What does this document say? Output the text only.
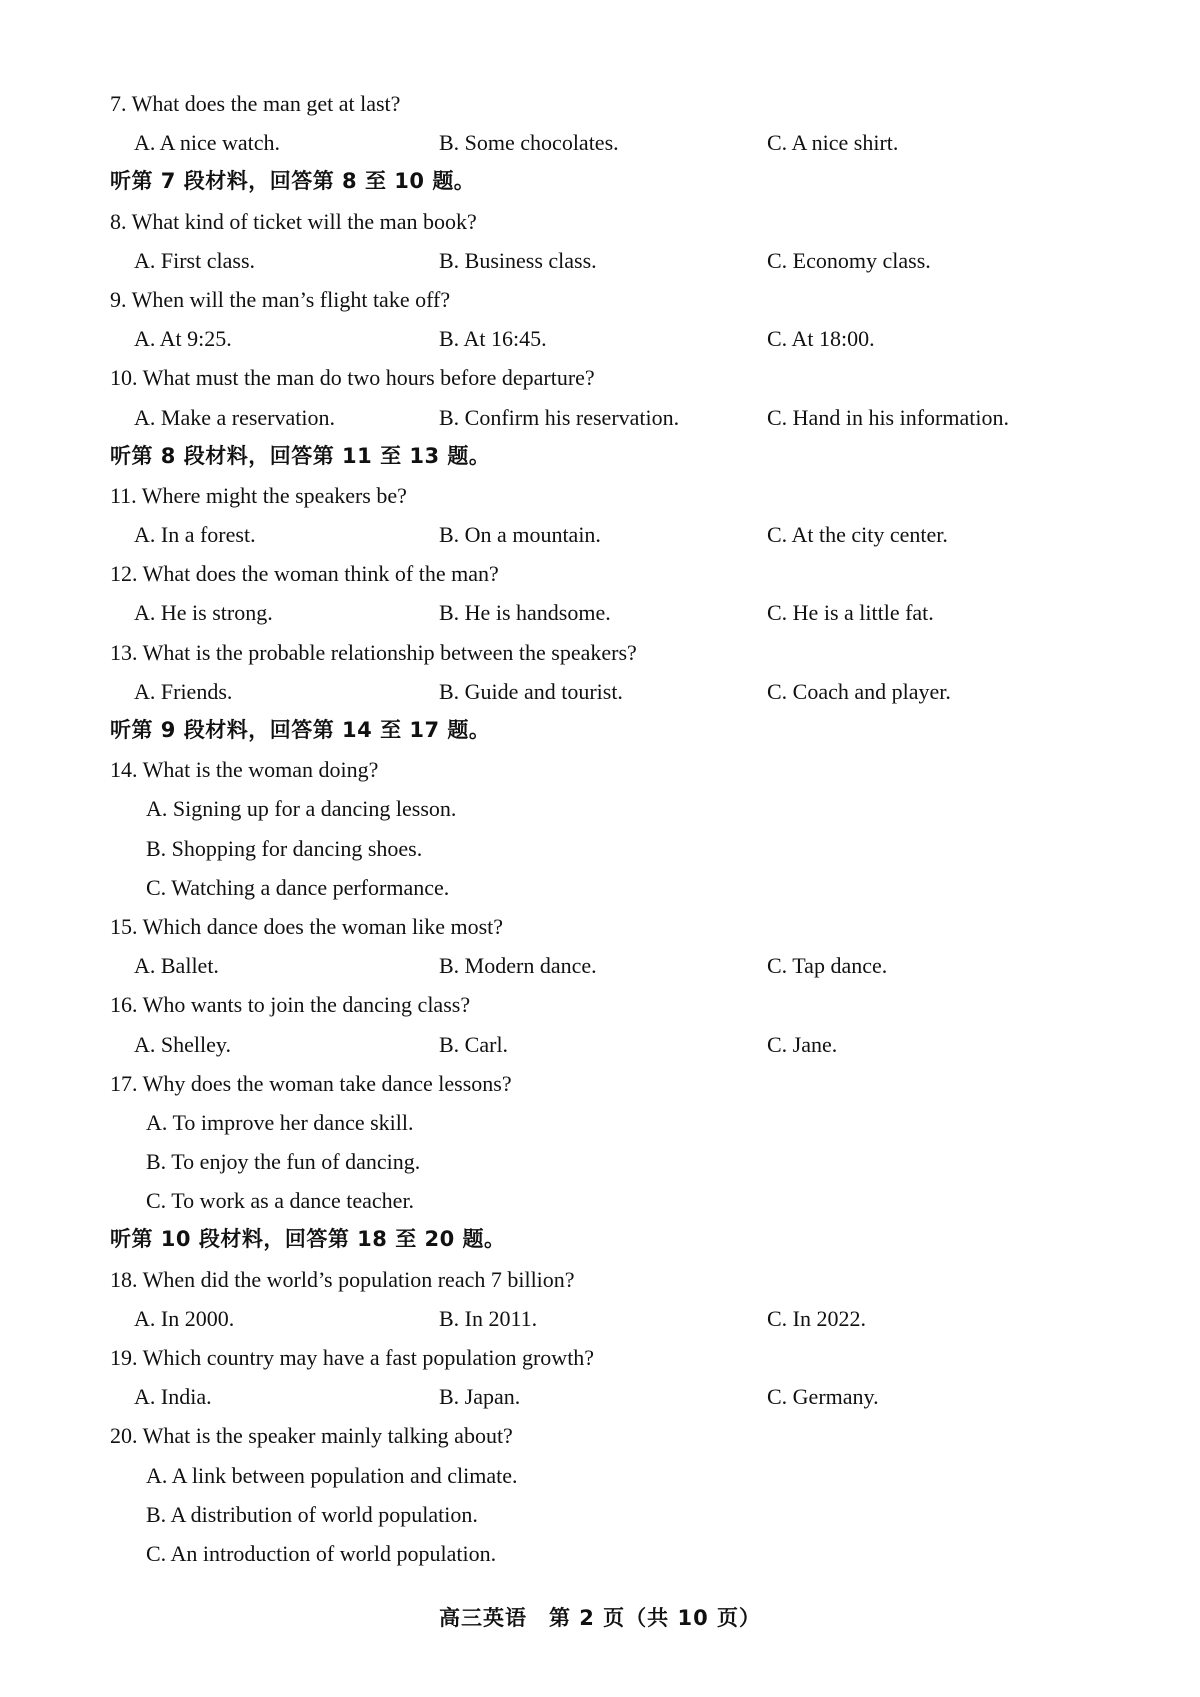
7. What does the man get at last?
A. A nice watch.	B. Some chocolates.	C. A nice shirt.
听第 7 段材料，回答第 8 至 10 题。
8. What kind of ticket will the man book?
A. First class.	B. Business class.	C. Economy class.
9. When will the man’s flight take off?
A. At 9:25.	B. At 16:45.	C. At 18:00.
10. What must the man do two hours before departure?
A. Make a reservation.	B. Confirm his reservation.	C. Hand in his information.
听第 8 段材料，回答第 11 至 13 题。
11. Where might the speakers be?
A. In a forest.	B. On a mountain.	C. At the city center.
12. What does the woman think of the man?
A. He is strong.	B. He is handsome.	C. He is a little fat.
13. What is the probable relationship between the speakers?
A. Friends.	B. Guide and tourist.	C. Coach and player.
听第 9 段材料，回答第 14 至 17 题。
14. What is the woman doing?
A. Signing up for a dancing lesson.
B. Shopping for dancing shoes.
C. Watching a dance performance.
15. Which dance does the woman like most?
A. Ballet.	B. Modern dance.	C. Tap dance.
16. Who wants to join the dancing class?
A. Shelley.	B. Carl.	C. Jane.
17. Why does the woman take dance lessons?
A. To improve her dance skill.
B. To enjoy the fun of dancing.
C. To work as a dance teacher.
听第 10 段材料，回答第 18 至 20 题。
18. When did the world’s population reach 7 billion?
A. In 2000.	B. In 2011.	C. In 2022.
19. Which country may have a fast population growth?
A. India.	B. Japan.	C. Germany.
20. What is the speaker mainly talking about?
A. A link between population and climate.
B. A distribution of world population.
C. An introduction of world population.
高三英语　第 2 页（共 10 页）
